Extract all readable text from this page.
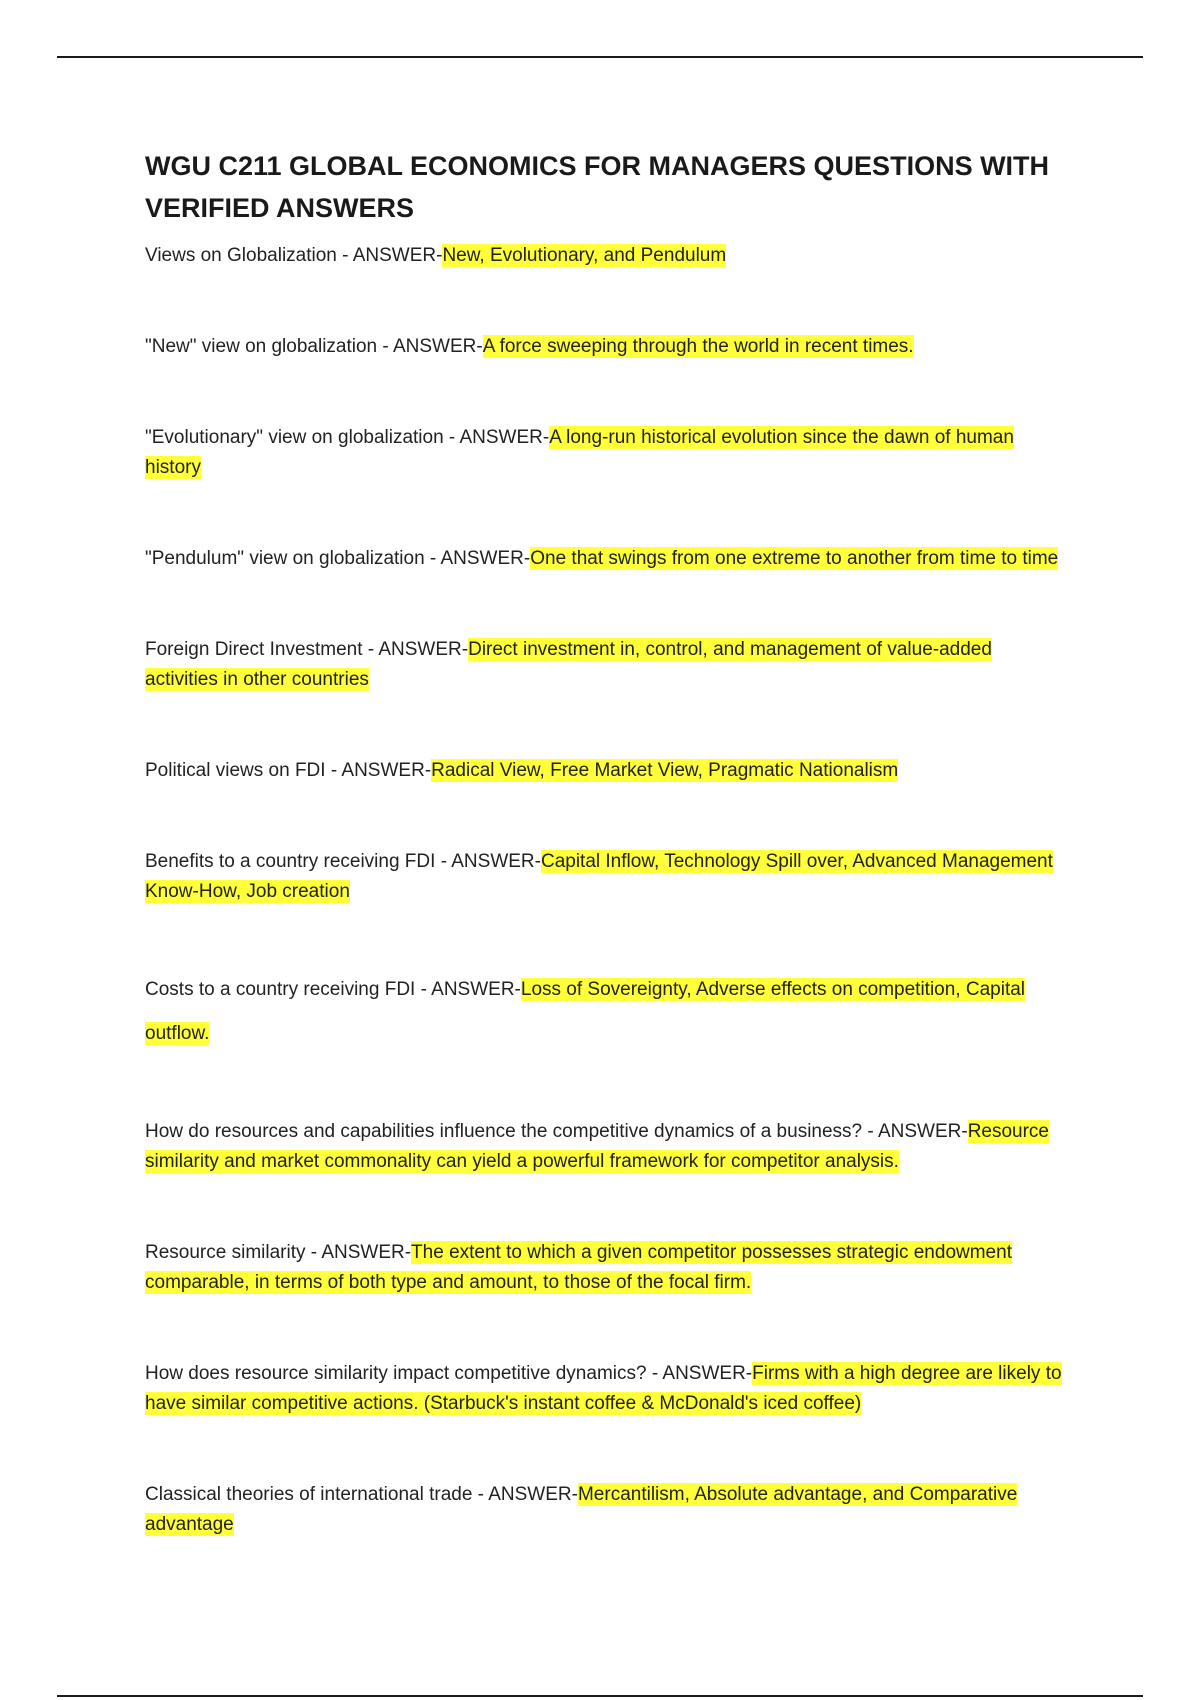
WGU C211 GLOBAL ECONOMICS FOR MANAGERS QUESTIONS WITH VERIFIED ANSWERS

Views on Globalization - ANSWER-New, Evolutionary, and Pendulum

"New" view on globalization - ANSWER-A force sweeping through the world in recent times.

"Evolutionary" view on globalization - ANSWER-A long-run historical evolution since the dawn of human history

"Pendulum" view on globalization - ANSWER-One that swings from one extreme to another from time to time

Foreign Direct Investment - ANSWER-Direct investment in, control, and management of value-added activities in other countries

Political views on FDI - ANSWER-Radical View, Free Market View, Pragmatic Nationalism

Benefits to a country receiving FDI - ANSWER-Capital Inflow, Technology Spill over, Advanced Management Know-How, Job creation

Costs to a country receiving FDI - ANSWER-Loss of Sovereignty, Adverse effects on competition, Capital outflow.

How do resources and capabilities influence the competitive dynamics of a business? - ANSWER-Resource similarity and market commonality can yield a powerful framework for competitor analysis.

Resource similarity - ANSWER-The extent to which a given competitor possesses strategic endowment comparable, in terms of both type and amount, to those of the focal firm.

How does resource similarity impact competitive dynamics? - ANSWER-Firms with a high degree are likely to have similar competitive actions. (Starbuck's instant coffee & McDonald's iced coffee)

Classical theories of international trade - ANSWER-Mercantilism, Absolute advantage, and Comparative advantage
